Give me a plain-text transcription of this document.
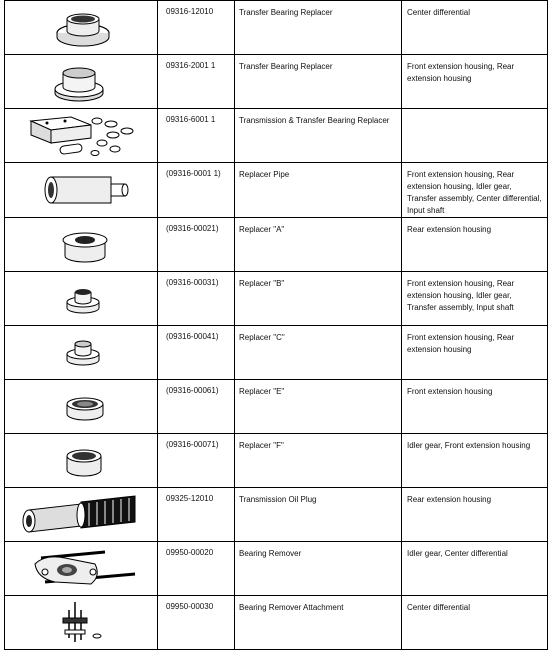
	09316-12010	Transfer Bearing Replacer	Center differential

	09316-2001 1	Transfer Bearing Replacer	Front extension housing, Rear extension housing

	09316-6001 1	Transmission & Transfer Bearing Replacer	

	(09316-0001 1)	Replacer Pipe	Front extension housing, Rear extension housing, Idler gear, Transfer assembly, Center differential, Input shaft

	(09316-00021)	Replacer "A"	Rear extension housing

	(09316-00031)	Replacer "B"	Front extension housing, Rear extension housing, Idler gear, Transfer assembly, Input shaft

	(09316-00041)	Replacer "C"	Front extension housing, Rear extension housing

	(09316-00061)	Replacer "E"	Front extension housing

	(09316-00071)	Replacer "F"	Idler gear, Front extension housing

	09325-12010	Transmission Oil Plug	Rear extension housing

	09950-00020	Bearing Remover	Idler gear, Center differential

	09950-00030	Bearing Remover Attachment	Center differential
